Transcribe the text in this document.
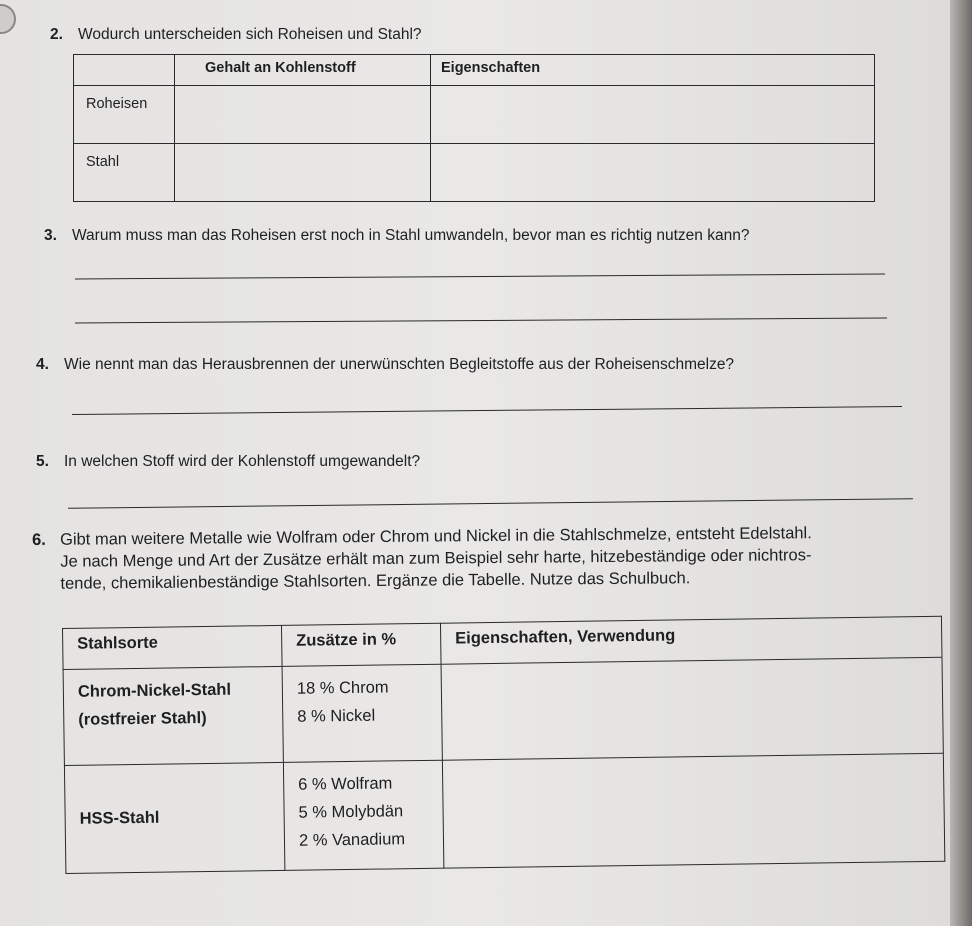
2. Wodurch unterscheiden sich Roheisen und Stahl?
	Gehalt an Kohlenstoff	Eigenschaften
Roheisen		
Stahl		
3. Warum muss man das Roheisen erst noch in Stahl umwandeln, bevor man es richtig nutzen kann?
4. Wie nennt man das Herausbrennen der unerwünschten Begleitstoffe aus der Roheisenschmelze?
5. In welchen Stoff wird der Kohlenstoff umgewandelt?
6. Gibt man weitere Metalle wie Wolfram oder Chrom und Nickel in die Stahlschmelze, entsteht Edelstahl.
Je nach Menge und Art der Zusätze erhält man zum Beispiel sehr harte, hitzebeständige oder nichtros-
tende, chemikalienbeständige Stahlsorten. Ergänze die Tabelle. Nutze das Schulbuch.
Stahlsorte	Zusätze in %	Eigenschaften, Verwendung

Chrom-Nickel-Stahl
(rostfreier Stahl)	18 % Chrom
8 % Nickel	

HSS-Stahl	6 % Wolfram
5 % Molybdän
2 % Vanadium	
